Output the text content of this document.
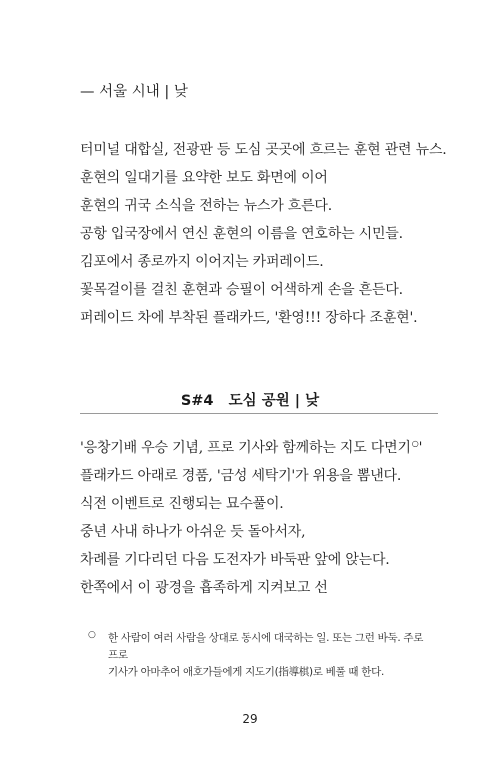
— 서울 시내 | 낮
터미널 대합실, 전광판 등 도심 곳곳에 흐르는 훈현 관련 뉴스.
훈현의 일대기를 요약한 보도 화면에 이어
훈현의 귀국 소식을 전하는 뉴스가 흐른다.
공항 입국장에서 연신 훈현의 이름을 연호하는 시민들.
김포에서 종로까지 이어지는 카퍼레이드.
꽃목걸이를 걸친 훈현과 승필이 어색하게 손을 흔든다.
퍼레이드 차에 부착된 플래카드, '환영!!! 장하다 조훈현'.
S#4 도심 공원 | 낮
'응창기배 우승 기념, 프로 기사와 함께하는 지도 다면기○'
플래카드 아래로 경품, '금성 세탁기'가 위용을 뽐낸다.
식전 이벤트로 진행되는 묘수풀이.
중년 사내 하나가 아쉬운 듯 돌아서자,
차례를 기다리던 다음 도전자가 바둑판 앞에 앉는다.
한쪽에서 이 광경을 흡족하게 지켜보고 선
○ 한 사람이 여러 사람을 상대로 동시에 대국하는 일. 또는 그런 바둑. 주로 프로
기사가 아마추어 애호가들에게 지도기(指導棋)로 베풀 때 한다.
29
